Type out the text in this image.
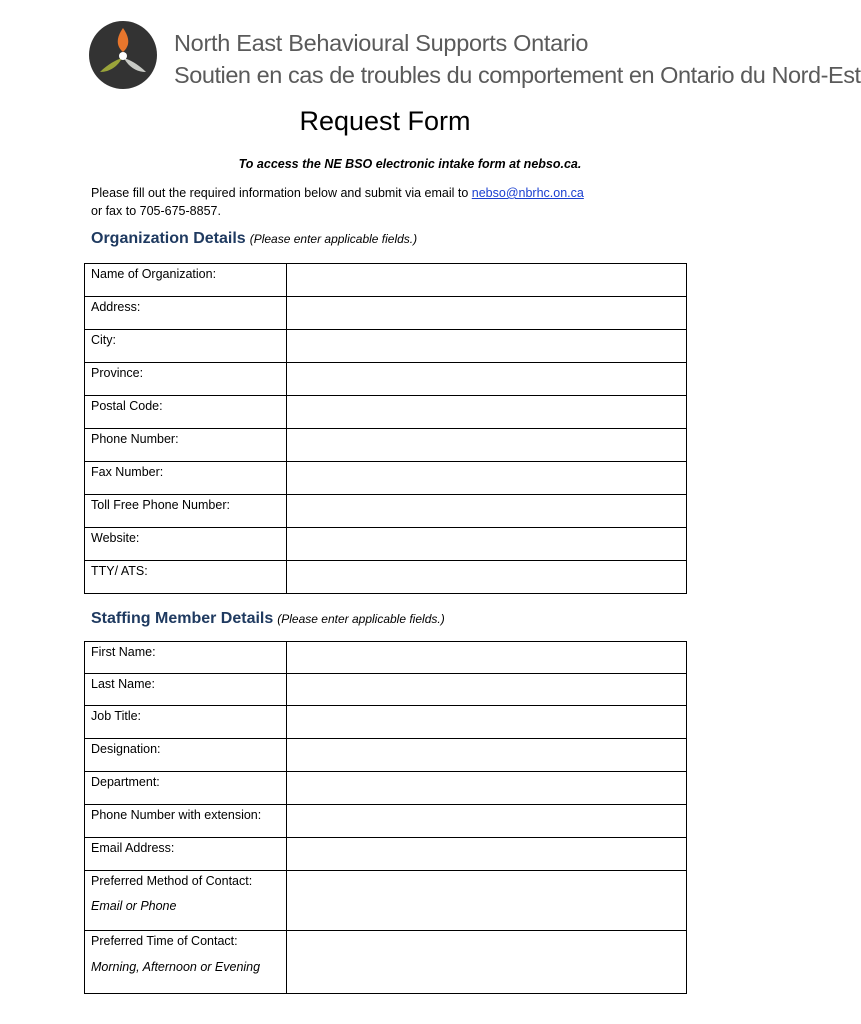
North East Behavioural Supports Ontario
Soutien en cas de troubles du comportement en Ontario du Nord-Est
Request Form
To access the NE BSO electronic intake form at nebso.ca.
Please fill out the required information below and submit via email to nebso@nbrhc.on.ca
or fax to 705-675-8857.
Organization Details (Please enter applicable fields.)
Name of Organization:	

Address:	

City:	

Province:	

Postal Code:	

Phone Number:	

Fax Number:	

Toll Free Phone Number:	

Website:	

TTY/ ATS:	

Staffing Member Details (Please enter applicable fields.)
First Name:	

Last Name:	

Job Title:	

Designation:	

Department:	

Phone Number with extension:	

Email Address:	

Preferred Method of Contact:
Email or Phone	

Preferred Time of Contact:
Morning, Afternoon or Evening	
